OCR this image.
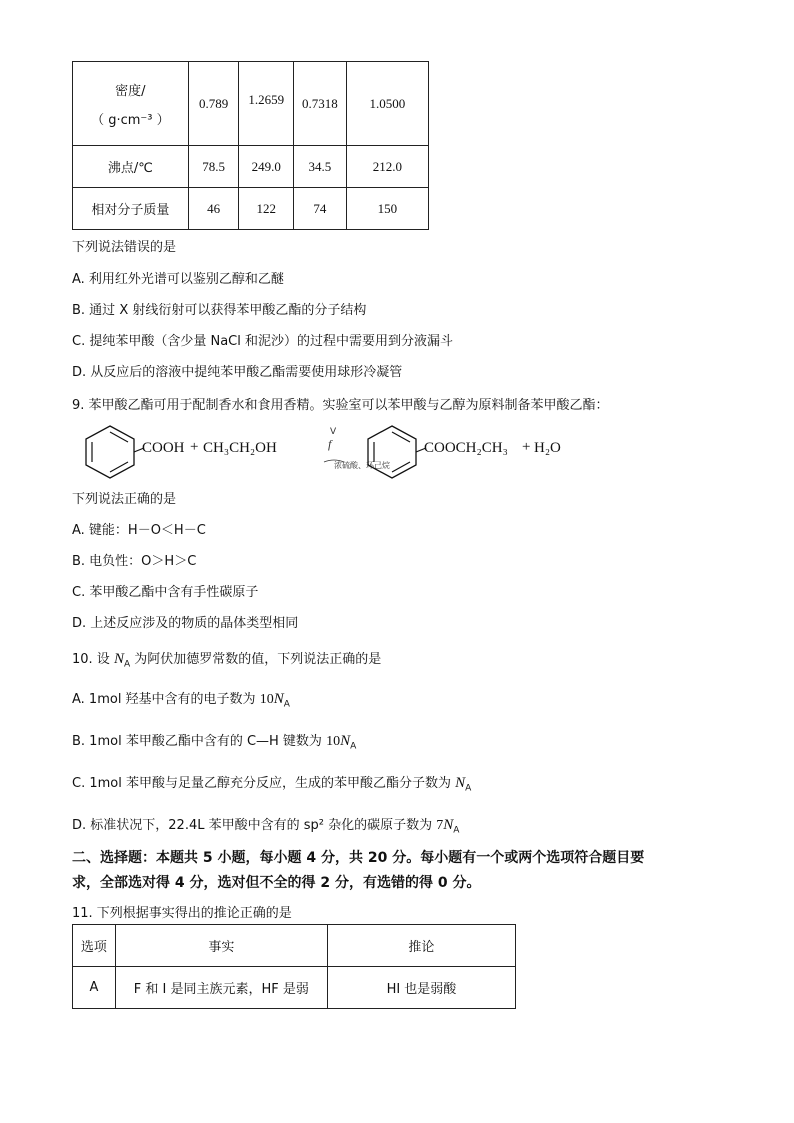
密度/
（ g·cm⁻³ ）	0.789	1.2659	0.7318	1.0500
沸点/℃	78.5	249.0	34.5	212.0
相对分子质量	46	122	74	150
下列说法错误的是
A. 利用红外光谱可以鉴别乙醇和乙醚
B. 通过 X 射线衍射可以获得苯甲酸乙酯的分子结构
C. 提纯苯甲酸（含少量 NaCl 和泥沙）的过程中需要用到分液漏斗
D. 从反应后的溶液中提纯苯甲酸乙酯需要使用球形冷凝管
9. 苯甲酸乙酯可用于配制香水和食用香精。实验室可以苯甲酸与乙醇为原料制备苯甲酸乙酯：
COOH + CH₃CH₂OH
V
f
浓硫酸、环己烷
COOCH₂CH₃ + H₂O
下列说法正确的是
A. 键能：H－O＜H－C
B. 电负性：O＞H＞C
C. 苯甲酸乙酯中含有手性碳原子
D. 上述反应涉及的物质的晶体类型相同
10. 设 $N_A$ 为阿伏加德罗常数的值，下列说法正确的是
A. 1mol 羟基中含有的电子数为 $10N_A$
B. 1mol 苯甲酸乙酯中含有的 C—H 键数为 $10N_A$
C. 1mol 苯甲酸与足量乙醇充分反应，生成的苯甲酸乙酯分子数为 $N_A$
D. 标准状况下，22.4L 苯甲酸中含有的 sp² 杂化的碳原子数为 $7N_A$
二、选择题：本题共 5 小题，每小题 4 分，共 20 分。每小题有一个或两个选项符合题目要
求，全部选对得 4 分，选对但不全的得 2 分，有选错的得 0 分。
11. 下列根据事实得出的推论正确的是
选项	事实	推论
A	F 和 I 是同主族元素，HF 是弱	HI 也是弱酸
